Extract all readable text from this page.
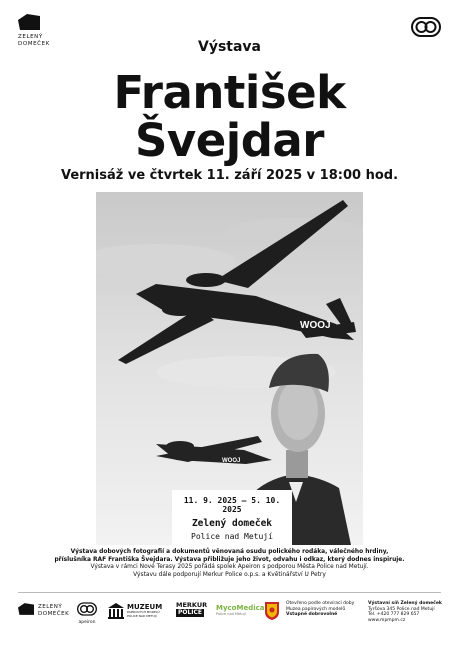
ZELENÝ
DOMEČEK	Výstava
František
Švejdar
Vernisáž ve čtvrtek 11. září 2025 v 18:00 hod.
WOOJ
WOOJ
11. 9. 2025 – 5. 10. 2025
Zelený domeček
Police nad Metují
Výstava dobových fotografií a dokumentů věnovaná osudu polického rodáka, válečného hrdiny,
příslušníka RAF Františka Švejdara. Výstava přibližuje jeho život, odvahu i odkaz, který dodnes inspiruje.
Výstava v rámci Nové Terasy 2025 pořádá spolek Apeiron s podporou Města Police nad Metují.
Výstavu dále podporují Merkur Police o.p.s. a Květinářství U Petry
ZELENÝ
DOMEČEK
apeiron
MUZEUM
PAPÍROVÝCH MODELŮ
POLICE NAD METUJÍ
MERKUR
POLICE
MycoMedica
Police nad Metují
Otevřeno podle otevírací doby
Muzea papírových modelů
Vstupné dobrovolné
Výstavní síň Zelený domeček
Tyršova 345 Police nad Metují
Tel. +420 777 829 657
www.mpmpm.cz
